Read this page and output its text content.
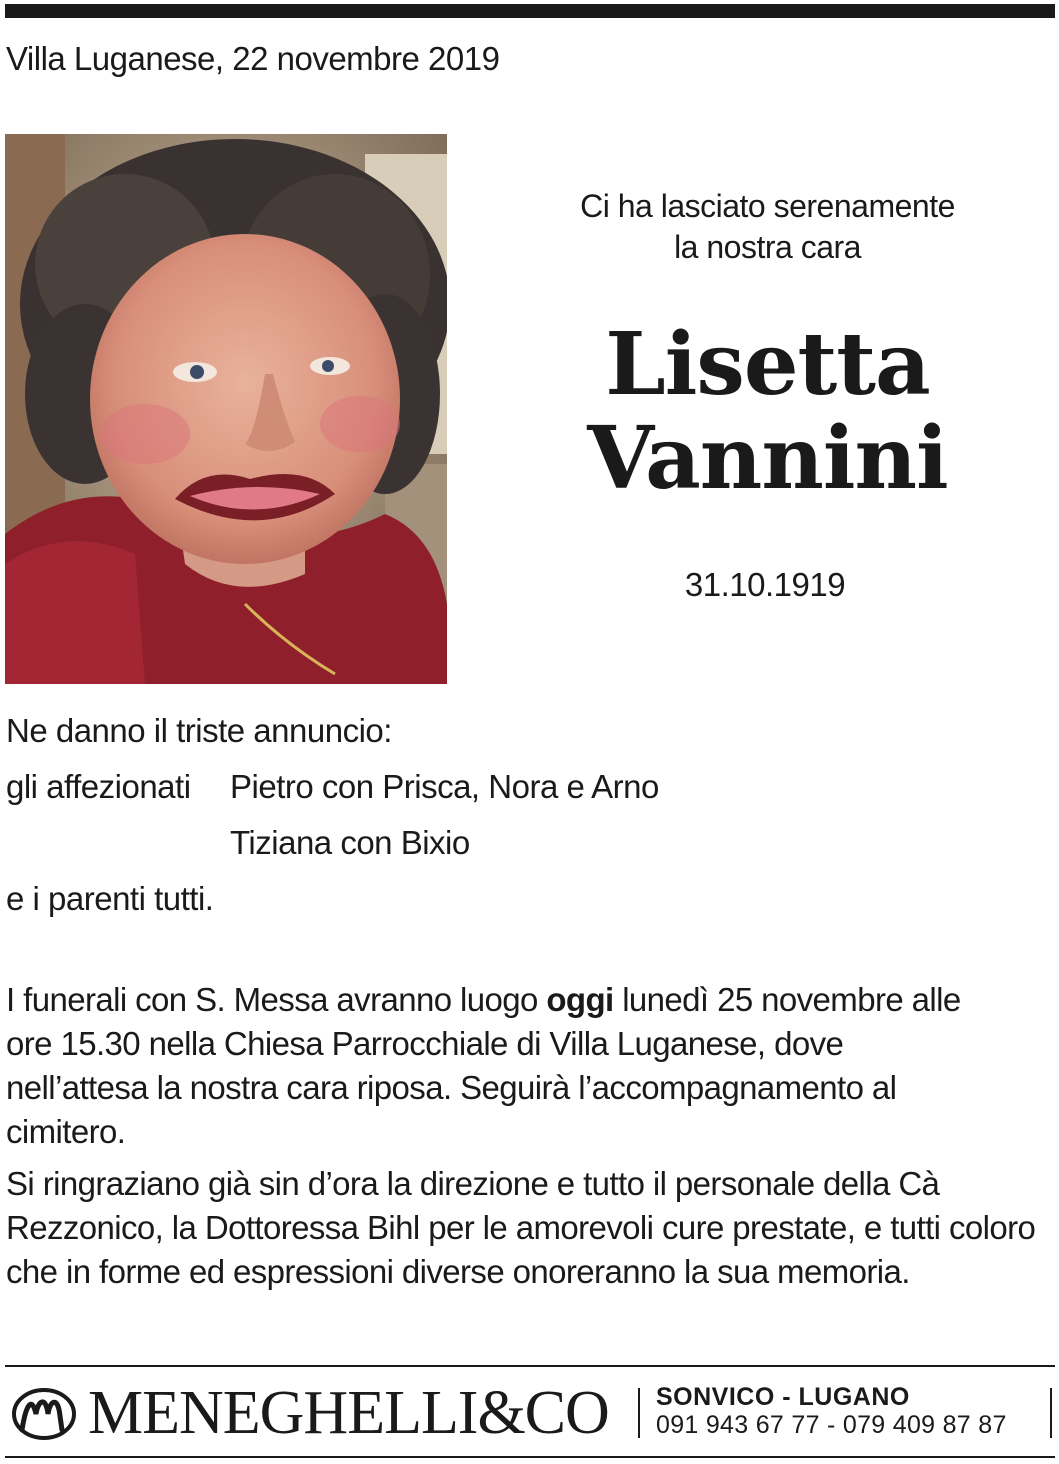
Villa Luganese, 22 novembre 2019
Ci ha lasciato serenamente
la nostra cara
Lisetta
Vannini
31.10.1919
Ne danno il triste annuncio:
gli affezionati Pietro con Prisca, Nora e Arno
Tiziana con Bixio
e i parenti tutti.
I funerali con S. Messa avranno luogo oggi lunedì 25 novembre alle ore 15.30 nella Chiesa Parrocchiale di Villa Luganese, dove nell’attesa la nostra cara riposa. Seguirà l’accompagnamento al cimitero.
Si ringraziano già sin d’ora la direzione e tutto il personale della Cà Rezzonico, la Dottoressa Bihl per le amorevoli cure prestate, e tutti coloro che in forme ed espressioni diverse onoreranno la sua memoria.
MENEGHELLI&CO SONVICO - LUGANO
091 943 67 77 - 079 409 87 87
